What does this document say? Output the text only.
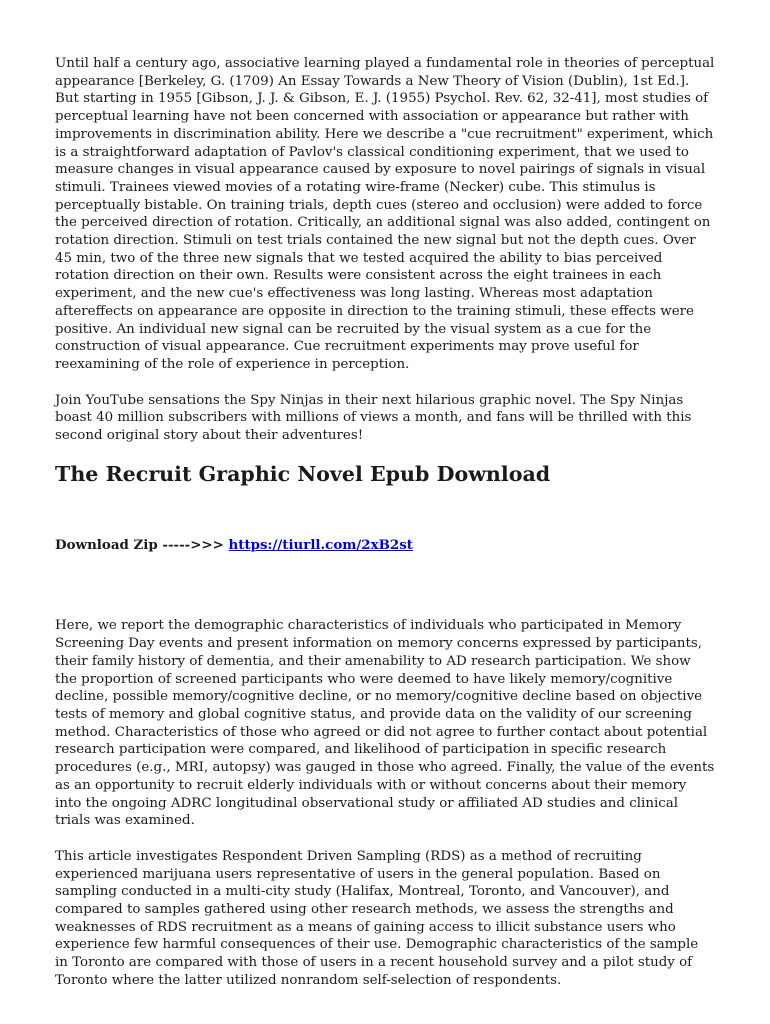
Until half a century ago, associative learning played a fundamental role in theories of perceptual appearance [Berkeley, G. (1709) An Essay Towards a New Theory of Vision (Dublin), 1st Ed.]. But starting in 1955 [Gibson, J. J. & Gibson, E. J. (1955) Psychol. Rev. 62, 32-41], most studies of perceptual learning have not been concerned with association or appearance but rather with improvements in discrimination ability. Here we describe a "cue recruitment" experiment, which is a straightforward adaptation of Pavlov's classical conditioning experiment, that we used to measure changes in visual appearance caused by exposure to novel pairings of signals in visual stimuli. Trainees viewed movies of a rotating wire-frame (Necker) cube. This stimulus is perceptually bistable. On training trials, depth cues (stereo and occlusion) were added to force the perceived direction of rotation. Critically, an additional signal was also added, contingent on rotation direction. Stimuli on test trials contained the new signal but not the depth cues. Over 45 min, two of the three new signals that we tested acquired the ability to bias perceived rotation direction on their own. Results were consistent across the eight trainees in each experiment, and the new cue's effectiveness was long lasting. Whereas most adaptation aftereffects on appearance are opposite in direction to the training stimuli, these effects were positive. An individual new signal can be recruited by the visual system as a cue for the construction of visual appearance. Cue recruitment experiments may prove useful for reexamining of the role of experience in perception.

Join YouTube sensations the Spy Ninjas in their next hilarious graphic novel. The Spy Ninjas boast 40 million subscribers with millions of views a month, and fans will be thrilled with this second original story about their adventures!

The Recruit Graphic Novel Epub Download
Download Zip ----->>> https://tiurll.com/2xB2st

Here, we report the demographic characteristics of individuals who participated in Memory Screening Day events and present information on memory concerns expressed by participants, their family history of dementia, and their amenability to AD research participation. We show the proportion of screened participants who were deemed to have likely memory/cognitive decline, possible memory/cognitive decline, or no memory/cognitive decline based on objective tests of memory and global cognitive status, and provide data on the validity of our screening method. Characteristics of those who agreed or did not agree to further contact about potential research participation were compared, and likelihood of participation in specific research procedures (e.g., MRI, autopsy) was gauged in those who agreed. Finally, the value of the events as an opportunity to recruit elderly individuals with or without concerns about their memory into the ongoing ADRC longitudinal observational study or affiliated AD studies and clinical trials was examined.

This article investigates Respondent Driven Sampling (RDS) as a method of recruiting experienced marijuana users representative of users in the general population. Based on sampling conducted in a multi-city study (Halifax, Montreal, Toronto, and Vancouver), and compared to samples gathered using other research methods, we assess the strengths and weaknesses of RDS recruitment as a means of gaining access to illicit substance users who experience few harmful consequences of their use. Demographic characteristics of the sample in Toronto are compared with those of users in a recent household survey and a pilot study of Toronto where the latter utilized nonrandom self-selection of respondents.
